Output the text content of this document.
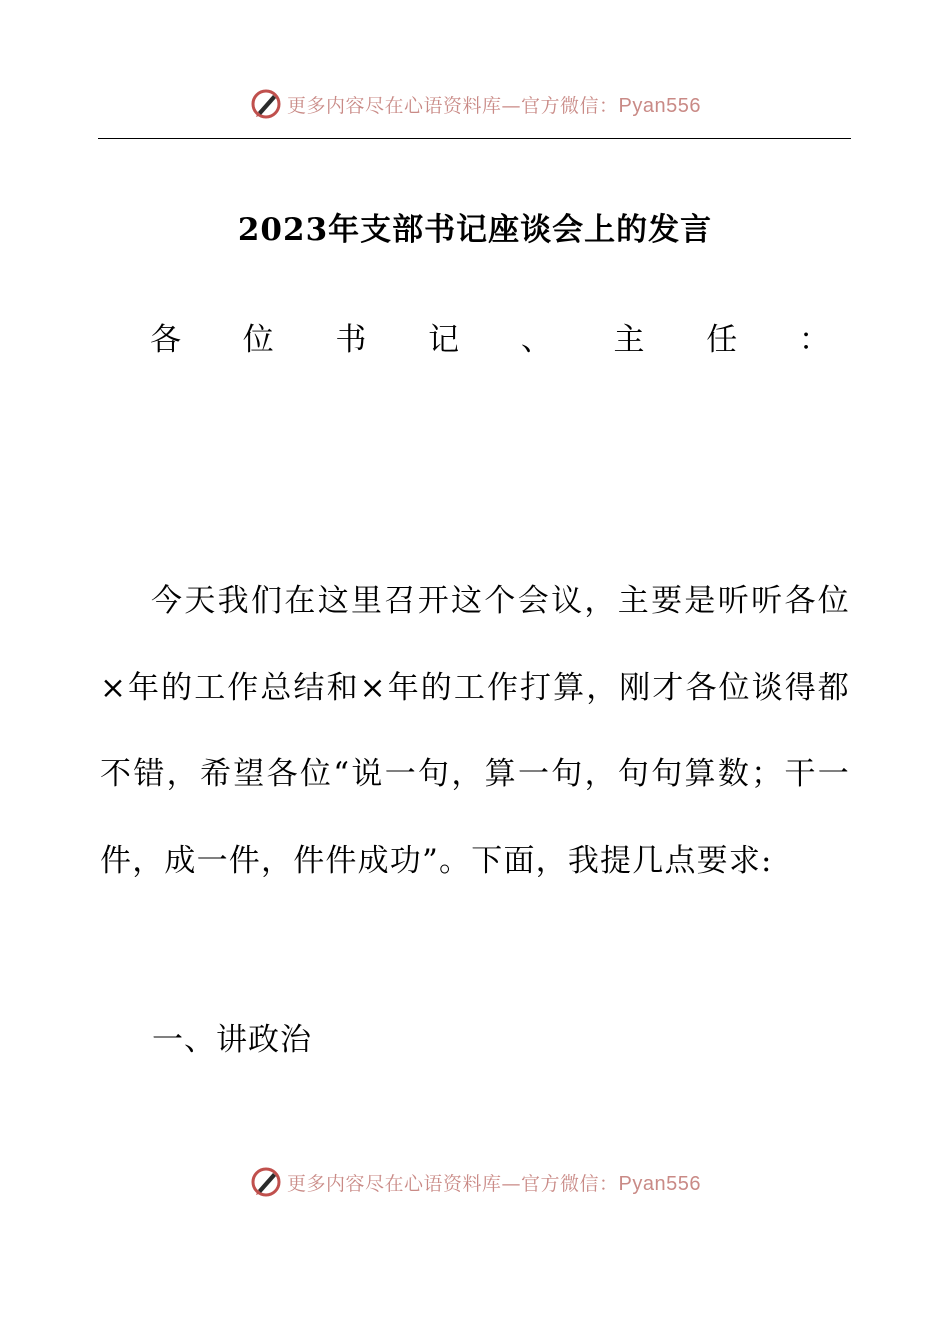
更多内容尽在心语资料库—官方微信：Pyan556
2023年支部书记座谈会上的发言
各 位 书 记 、 主 任 ：

今天我们在这里召开这个会议，主要是听听各位×年的工作总结和×年的工作打算，刚才各位谈得都不错，希望各位“说一句，算一句，句句算数；干一件，成一件，件件成功”。下面，我提几点要求:

一、讲政治

更多内容尽在心语资料库—官方微信：Pyan556
